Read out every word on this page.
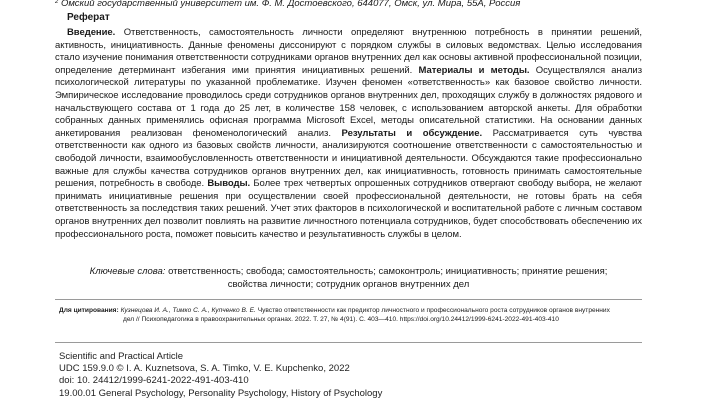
$^2$ Омский государственный университет им. Ф. М. Достоевского, 644077, Омск, ул. Мира, 55А, Россия
Реферат
Введение. Ответственность, самостоятельность личности определяют внутреннюю потребность в принятии решений, активность, инициативность. Данные феномены диссонируют с порядком службы в силовых ведомствах. Целью исследования стало изучение понимания ответственности сотрудниками органов внутренних дел как основы активной профессиональной позиции, определение детерминант избегания ими принятия инициативных решений. Материалы и методы. Осуществлялся анализ психологической литературы по указанной проблематике. Изучен феномен «ответственность» как базовое свойство личности. Эмпирическое исследование проводилось среди сотрудников органов внутренних дел, проходящих службу в должностях рядового и начальствующего состава от 1 года до 25 лет, в количестве 158 человек, с использованием авторской анкеты. Для обработки собранных данных применялись офисная программа Microsoft Excel, методы описательной статистики. На основании данных анкетирования реализован феноменологический анализ. Результаты и обсуждение. Рассматривается суть чувства ответственности как одного из базовых свойств личности, анализируются соотношение ответственности с самостоятельностью и свободой личности, взаимообусловленность ответственности и инициативной деятельности. Обсуждаются такие профессионально важные для службы качества сотрудников органов внутренних дел, как инициативность, готовность принимать самостоятельные решения, потребность в свободе. Выводы. Более трех четвертых опрошенных сотрудников отвергают свободу выбора, не желают принимать инициативные решения при осуществлении своей профессиональной деятельности, не готовы брать на себя ответственность за последствия таких решений. Учет этих факторов в психологической и воспитательной работе с личным составом органов внутренних дел позволит повлиять на развитие личностного потенциала сотрудников, будет способствовать обеспечению их профессионального роста, поможет повысить качество и результативность службы в целом.
Ключевые слова: ответственность; свобода; самостоятельность; самоконтроль; инициативность; принятие решения;
свойства личности; сотрудник органов внутренних дел
Для цитирования: Кузнецова И. А., Тимко С. А., Купченко В. Е. Чувство ответственности как предиктор личностного и профессионального роста сотрудников органов внутренних
дел // Психопедагогика в правоохранительных органах. 2022. Т. 27, № 4(91). С. 403—410. https://doi.org/10.24412/1999-6241-2022-491-403-410
Scientific and Practical Article
UDC 159.9.0 © I. A. Kuznetsova, S. A. Timko, V. E. Kupchenko, 2022
doi: 10. 24412/1999-6241-2022-491-403-410
19.00.01 General Psychology, Personality Psychology, History of Psychology
